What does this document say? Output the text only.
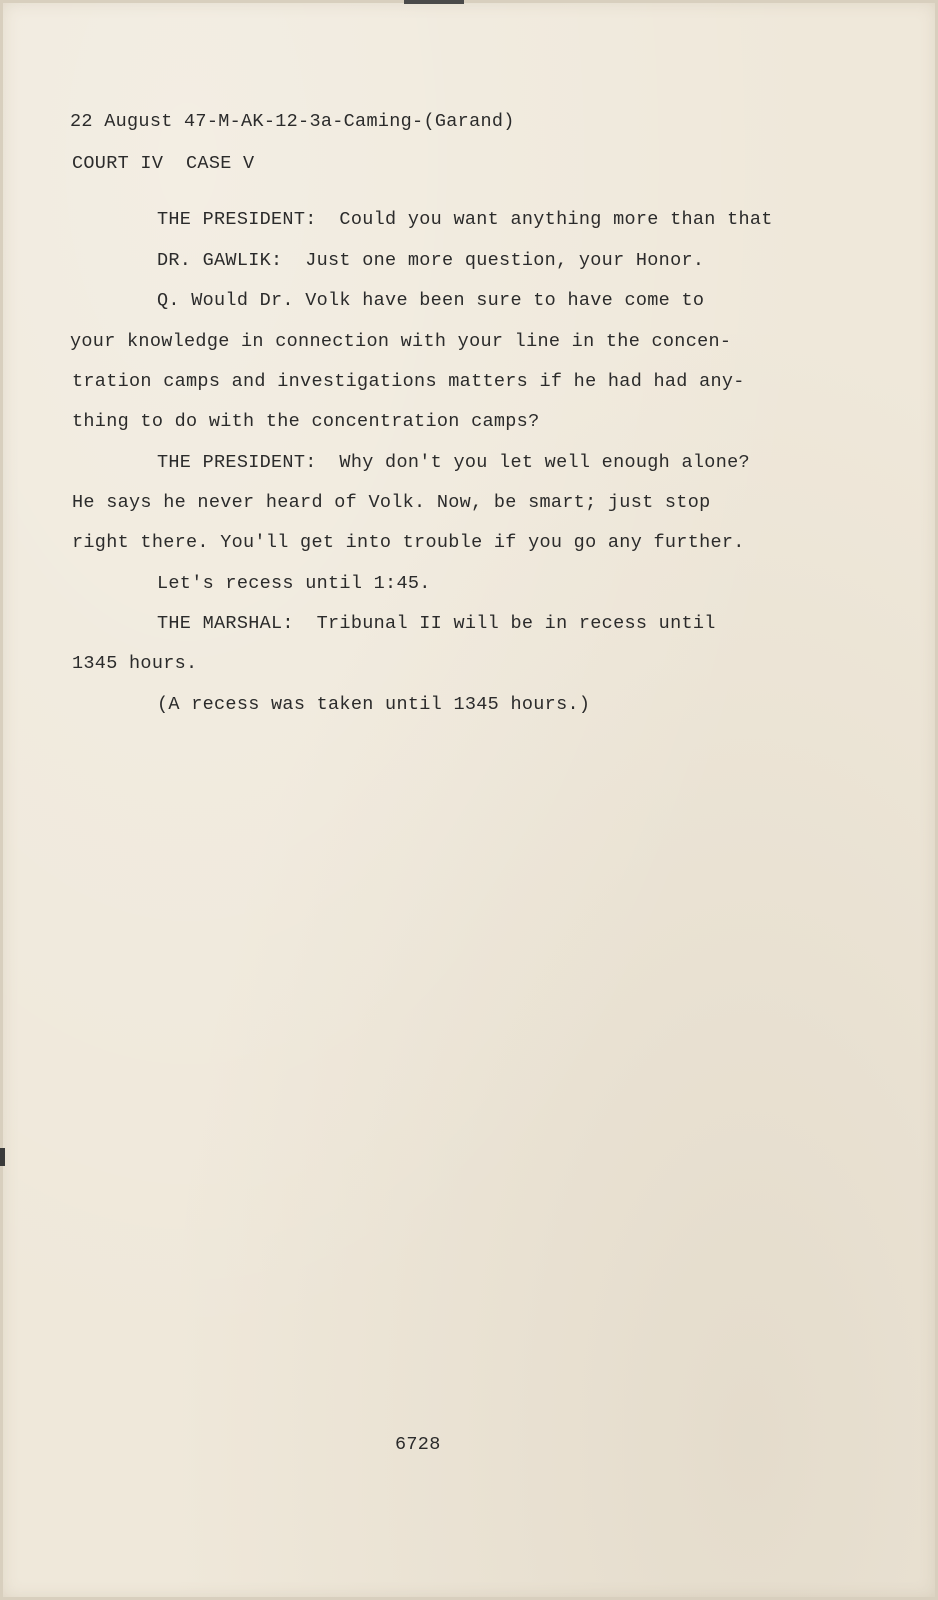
22 August 47-M-AK-12-3a-Caming-(Garand)
COURT IV  CASE V
THE PRESIDENT:  Could you want anything more than that
DR. GAWLIK:  Just one more question, your Honor.
Q. Would Dr. Volk have been sure to have come to
your knowledge in connection with your line in the concen-
tration camps and investigations matters if he had had any-
thing to do with the concentration camps?
THE PRESIDENT:  Why don't you let well enough alone?
He says he never heard of Volk. Now, be smart; just stop
right there. You'll get into trouble if you go any further.
Let's recess until 1:45.
THE MARSHAL:  Tribunal II will be in recess until
1345 hours.
(A recess was taken until 1345 hours.)
6728
